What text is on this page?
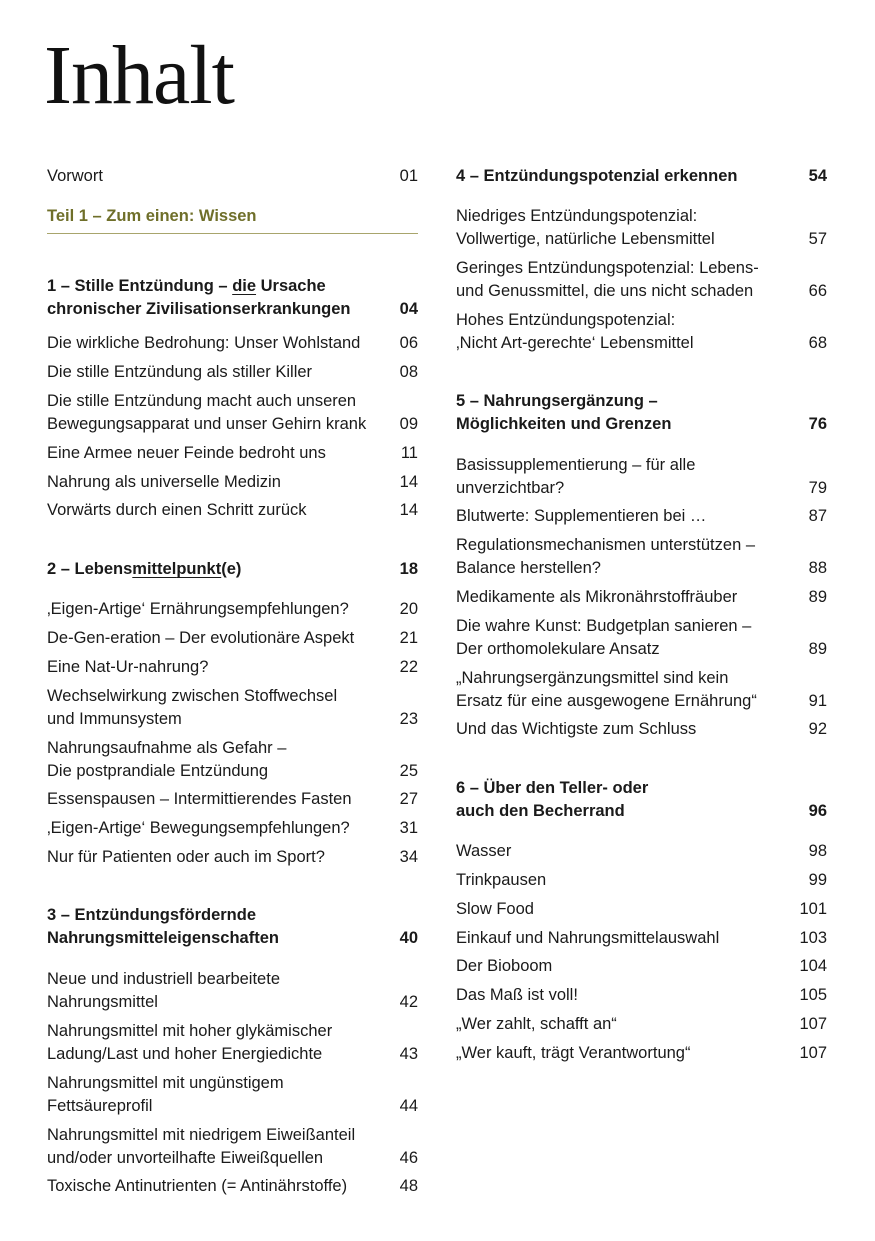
Inhalt
Vorwort	01
Teil 1 – Zum einen: Wissen
1 – Stille Entzündung – die Ursache
chronischer Zivilisationserkrankungen	04
Die wirkliche Bedrohung: Unser Wohlstand	06
Die stille Entzündung als stiller Killer	08
Die stille Entzündung macht auch unseren
Bewegungsapparat und unser Gehirn krank	09
Eine Armee neuer Feinde bedroht uns	11
Nahrung als universelle Medizin	14
Vorwärts durch einen Schritt zurück	14
2 – Lebensmittelpunkt(e)	18
‚Eigen-Artige‘ Ernährungsempfehlungen?	20
De-Gen-eration – Der evolutionäre Aspekt	21
Eine Nat-Ur-nahrung?	22
Wechselwirkung zwischen Stoffwechsel
und Immunsystem	23
Nahrungsaufnahme als Gefahr –
Die postprandiale Entzündung	25
Essenspausen – Intermittierendes Fasten	27
‚Eigen-Artige‘ Bewegungsempfehlungen?	31
Nur für Patienten oder auch im Sport?	34
3 – Entzündungsfördernde
Nahrungsmitteleigenschaften	40
Neue und industriell bearbeitete
Nahrungsmittel	42
Nahrungsmittel mit hoher glykämischer
Ladung/Last und hoher Energiedichte	43
Nahrungsmittel mit ungünstigem
Fettsäureprofil	44
Nahrungsmittel mit niedrigem Eiweißanteil
und/oder unvorteilhafte Eiweißquellen	46
Toxische Antinutrienten (= Antinährstoffe)	48
4 – Entzündungspotenzial erkennen	54
Niedriges Entzündungspotenzial:
Vollwertige, natürliche Lebensmittel	57
Geringes Entzündungspotenzial: Lebens-
und Genussmittel, die uns nicht schaden	66
Hohes Entzündungspotenzial:
‚Nicht Art-gerechte‘ Lebensmittel	68
5 – Nahrungsergänzung –
Möglichkeiten und Grenzen	76
Basissupplementierung – für alle
unverzichtbar?	79
Blutwerte: Supplementieren bei …	87
Regulationsmechanismen unterstützen –
Balance herstellen?	88
Medikamente als Mikronährstoffräuber	89
Die wahre Kunst: Budgetplan sanieren –
Der orthomolekulare Ansatz	89
„Nahrungsergänzungsmittel sind kein
Ersatz für eine ausgewogene Ernährung“	91
Und das Wichtigste zum Schluss	92
6 – Über den Teller- oder
auch den Becherrand	96
Wasser	98
Trinkpausen	99
Slow Food	101
Einkauf und Nahrungsmittelauswahl	103
Der Bioboom	104
Das Maß ist voll!	105
„Wer zahlt, schafft an“	107
„Wer kauft, trägt Verantwortung“	107
